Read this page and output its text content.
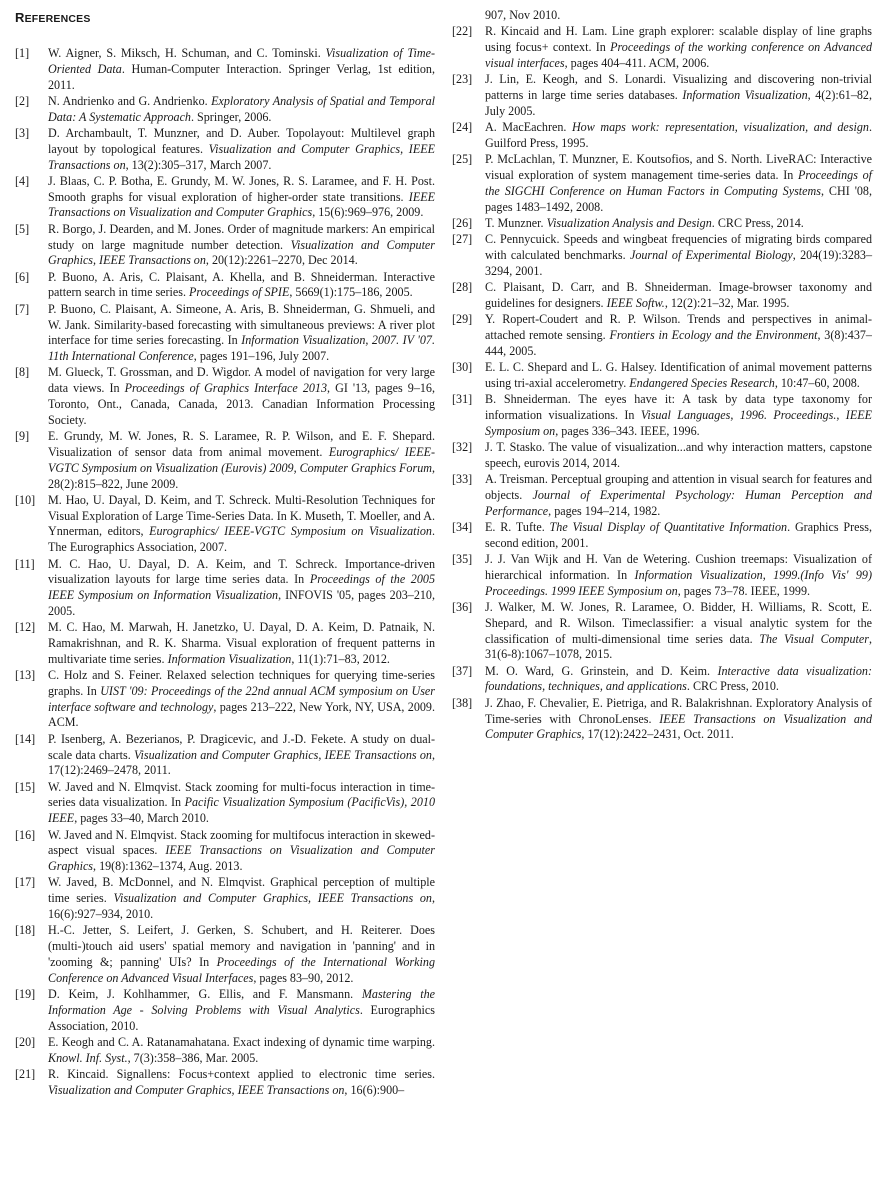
REFERENCES
[1]	W. Aigner, S. Miksch, H. Schuman, and C. Tominski. Visualization of Time-Oriented Data. Human-Computer Interaction. Springer Verlag, 1st edition, 2011.
[2]	N. Andrienko and G. Andrienko. Exploratory Analysis of Spatial and Temporal Data: A Systematic Approach. Springer, 2006.
[3]	D. Archambault, T. Munzner, and D. Auber. Topolayout: Multilevel graph layout by topological features. Visualization and Computer Graphics, IEEE Transactions on, 13(2):305–317, March 2007.
[4]	J. Blaas, C. P. Botha, E. Grundy, M. W. Jones, R. S. Laramee, and F. H. Post. Smooth graphs for visual exploration of higher-order state transitions. IEEE Transactions on Visualization and Computer Graphics, 15(6):969–976, 2009.
[5]	R. Borgo, J. Dearden, and M. Jones. Order of magnitude markers: An empirical study on large magnitude number detection. Visualization and Computer Graphics, IEEE Transactions on, 20(12):2261–2270, Dec 2014.
[6]	P. Buono, A. Aris, C. Plaisant, A. Khella, and B. Shneiderman. Interactive pattern search in time series. Proceedings of SPIE, 5669(1):175–186, 2005.
[7]	P. Buono, C. Plaisant, A. Simeone, A. Aris, B. Shneiderman, G. Shmueli, and W. Jank. Similarity-based forecasting with simultaneous previews: A river plot interface for time series forecasting. In Information Visualization, 2007. IV '07. 11th International Conference, pages 191–196, July 2007.
[8]	M. Glueck, T. Grossman, and D. Wigdor. A model of navigation for very large data views. In Proceedings of Graphics Interface 2013, GI '13, pages 9–16, Toronto, Ont., Canada, Canada, 2013. Canadian Information Processing Society.
[9]	E. Grundy, M. W. Jones, R. S. Laramee, R. P. Wilson, and E. F. Shepard. Visualization of sensor data from animal movement. Eurographics/ IEEE-VGTC Symposium on Visualization (Eurovis) 2009, Computer Graphics Forum, 28(2):815–822, June 2009.
[10]	M. Hao, U. Dayal, D. Keim, and T. Schreck. Multi-Resolution Techniques for Visual Exploration of Large Time-Series Data. In K. Museth, T. Moeller, and A. Ynnerman, editors, Eurographics/ IEEE-VGTC Symposium on Visualization. The Eurographics Association, 2007.
[11]	M. C. Hao, U. Dayal, D. A. Keim, and T. Schreck. Importance-driven visualization layouts for large time series data. In Proceedings of the 2005 IEEE Symposium on Information Visualization, INFOVIS '05, pages 203–210, 2005.
[12]	M. C. Hao, M. Marwah, H. Janetzko, U. Dayal, D. A. Keim, D. Patnaik, N. Ramakrishnan, and R. K. Sharma. Visual exploration of frequent patterns in multivariate time series. Information Visualization, 11(1):71–83, 2012.
[13]	C. Holz and S. Feiner. Relaxed selection techniques for querying time-series graphs. In UIST '09: Proceedings of the 22nd annual ACM symposium on User interface software and technology, pages 213–222, New York, NY, USA, 2009. ACM.
[14]	P. Isenberg, A. Bezerianos, P. Dragicevic, and J.-D. Fekete. A study on dual-scale data charts. Visualization and Computer Graphics, IEEE Transactions on, 17(12):2469–2478, 2011.
[15]	W. Javed and N. Elmqvist. Stack zooming for multi-focus interaction in time-series data visualization. In Pacific Visualization Symposium (PacificVis), 2010 IEEE, pages 33–40, March 2010.
[16]	W. Javed and N. Elmqvist. Stack zooming for multifocus interaction in skewed-aspect visual spaces. IEEE Transactions on Visualization and Computer Graphics, 19(8):1362–1374, Aug. 2013.
[17]	W. Javed, B. McDonnel, and N. Elmqvist. Graphical perception of multiple time series. Visualization and Computer Graphics, IEEE Transactions on, 16(6):927–934, 2010.
[18]	H.-C. Jetter, S. Leifert, J. Gerken, S. Schubert, and H. Reiterer. Does (multi-)touch aid users' spatial memory and navigation in 'panning' and in 'zooming &; panning' UIs? In Proceedings of the International Working Conference on Advanced Visual Interfaces, pages 83–90, 2012.
[19]	D. Keim, J. Kohlhammer, G. Ellis, and F. Mansmann. Mastering the Information Age - Solving Problems with Visual Analytics. Eurographics Association, 2010.
[20]	E. Keogh and C. A. Ratanamahatana. Exact indexing of dynamic time warping. Knowl. Inf. Syst., 7(3):358–386, Mar. 2005.
[21]	R. Kincaid. Signallens: Focus+context applied to electronic time series. Visualization and Computer Graphics, IEEE Transactions on, 16(6):900–
907, Nov 2010.
[22]	R. Kincaid and H. Lam. Line graph explorer: scalable display of line graphs using focus+ context. In Proceedings of the working conference on Advanced visual interfaces, pages 404–411. ACM, 2006.
[23]	J. Lin, E. Keogh, and S. Lonardi. Visualizing and discovering non-trivial patterns in large time series databases. Information Visualization, 4(2):61–82, July 2005.
[24]	A. MacEachren. How maps work: representation, visualization, and design. Guilford Press, 1995.
[25]	P. McLachlan, T. Munzner, E. Koutsofios, and S. North. LiveRAC: Interactive visual exploration of system management time-series data. In Proceedings of the SIGCHI Conference on Human Factors in Computing Systems, CHI '08, pages 1483–1492, 2008.
[26]	T. Munzner. Visualization Analysis and Design. CRC Press, 2014.
[27]	C. Pennycuick. Speeds and wingbeat frequencies of migrating birds compared with calculated benchmarks. Journal of Experimental Biology, 204(19):3283–3294, 2001.
[28]	C. Plaisant, D. Carr, and B. Shneiderman. Image-browser taxonomy and guidelines for designers. IEEE Softw., 12(2):21–32, Mar. 1995.
[29]	Y. Ropert-Coudert and R. P. Wilson. Trends and perspectives in animal-attached remote sensing. Frontiers in Ecology and the Environment, 3(8):437–444, 2005.
[30]	E. L. C. Shepard and L. G. Halsey. Identification of animal movement patterns using tri-axial accelerometry. Endangered Species Research, 10:47–60, 2008.
[31]	B. Shneiderman. The eyes have it: A task by data type taxonomy for information visualizations. In Visual Languages, 1996. Proceedings., IEEE Symposium on, pages 336–343. IEEE, 1996.
[32]	J. T. Stasko. The value of visualization...and why interaction matters, capstone speech, eurovis 2014, 2014.
[33]	A. Treisman. Perceptual grouping and attention in visual search for features and objects. Journal of Experimental Psychology: Human Perception and Performance, pages 194–214, 1982.
[34]	E. R. Tufte. The Visual Display of Quantitative Information. Graphics Press, second edition, 2001.
[35]	J. J. Van Wijk and H. Van de Wetering. Cushion treemaps: Visualization of hierarchical information. In Information Visualization, 1999.(Info Vis' 99) Proceedings. 1999 IEEE Symposium on, pages 73–78. IEEE, 1999.
[36]	J. Walker, M. W. Jones, R. Laramee, O. Bidder, H. Williams, R. Scott, E. Shepard, and R. Wilson. Timeclassifier: a visual analytic system for the classification of multi-dimensional time series data. The Visual Computer, 31(6-8):1067–1078, 2015.
[37]	M. O. Ward, G. Grinstein, and D. Keim. Interactive data visualization: foundations, techniques, and applications. CRC Press, 2010.
[38]	J. Zhao, F. Chevalier, E. Pietriga, and R. Balakrishnan. Exploratory Analysis of Time-series with ChronoLenses. IEEE Transactions on Visualization and Computer Graphics, 17(12):2422–2431, Oct. 2011.
